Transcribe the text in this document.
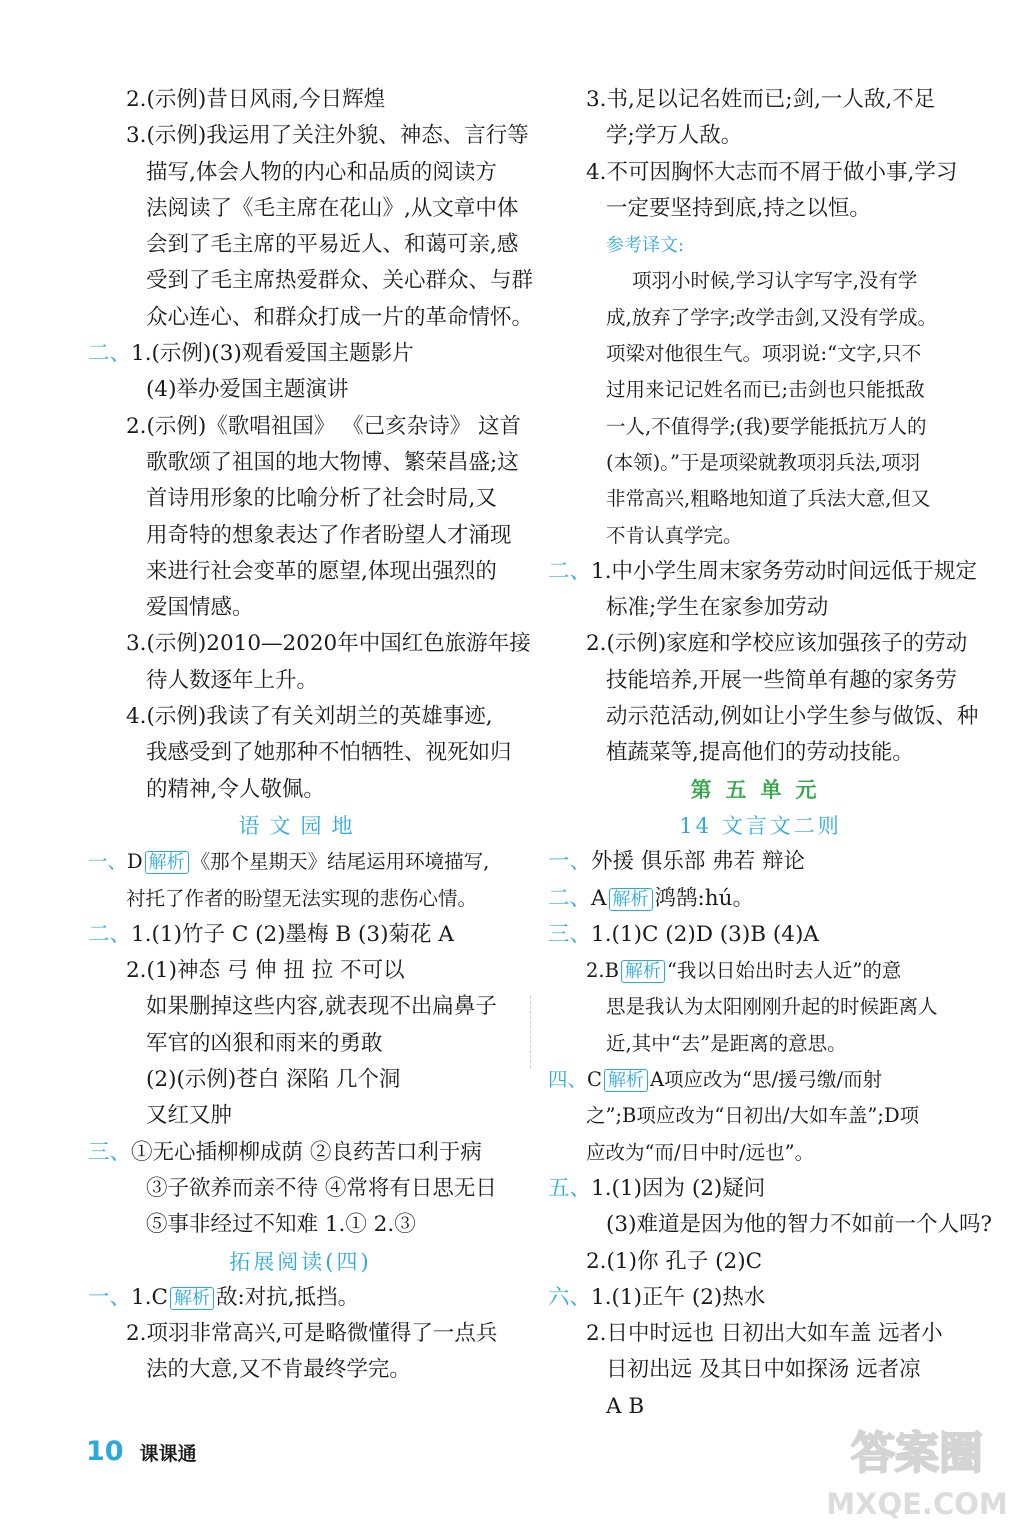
2.(示例)昔日风雨,今日辉煌
3.(示例)我运用了关注外貌、神态、言行等
描写,体会人物的内心和品质的阅读方
法阅读了《毛主席在花山》,从文章中体
会到了毛主席的平易近人、和蔼可亲,感
受到了毛主席热爱群众、关心群众、与群
众心连心、和群众打成一片的革命情怀。
二、1.(示例)(3)观看爱国主题影片
(4)举办爱国主题演讲
2.(示例)《歌唱祖国》 《己亥杂诗》 这首
歌歌颂了祖国的地大物博、繁荣昌盛;这
首诗用形象的比喻分析了社会时局,又
用奇特的想象表达了作者盼望人才涌现
来进行社会变革的愿望,体现出强烈的
爱国情感。
3.(示例)2010—2020年中国红色旅游年接
待人数逐年上升。
4.(示例)我读了有关刘胡兰的英雄事迹,
我感受到了她那种不怕牺牲、视死如归
的精神,令人敬佩。
语文园地
一、D 解析 《那个星期天》结尾运用环境描写,
衬托了作者的盼望无法实现的悲伤心情。
二、1.(1)竹子 C (2)墨梅 B (3)菊花 A
2.(1)神态 弓 伸 扭 拉 不可以
如果删掉这些内容,就表现不出扁鼻子
军官的凶狠和雨来的勇敢
(2)(示例)苍白 深陷 几个洞
又红又肿
三、①无心插柳柳成荫 ②良药苦口利于病
③子欲养而亲不待 ④常将有日思无日
⑤事非经过不知难 1.① 2.③
拓展阅读(四)
一、1.C 解析 敌:对抗,抵挡。
2.项羽非常高兴,可是略微懂得了一点兵
法的大意,又不肯最终学完。
3.书,足以记名姓而已;剑,一人敌,不足
学;学万人敌。
4.不可因胸怀大志而不屑于做小事,学习
一定要坚持到底,持之以恒。
参考译文:
项羽小时候,学习认字写字,没有学
成,放弃了学字;改学击剑,又没有学成。
项梁对他很生气。项羽说:“文字,只不
过用来记记姓名而已;击剑也只能抵敌
一人,不值得学;(我)要学能抵抗万人的
(本领)。”于是项梁就教项羽兵法,项羽
非常高兴,粗略地知道了兵法大意,但又
不肯认真学完。
二、1.中小学生周末家务劳动时间远低于规定
标准;学生在家参加劳动
2.(示例)家庭和学校应该加强孩子的劳动
技能培养,开展一些简单有趣的家务劳
动示范活动,例如让小学生参与做饭、种
植蔬菜等,提高他们的劳动技能。
第五单元
14 文言文二则
一、外援 俱乐部 弗若 辩论
二、A 解析 鸿鹄:hú。
三、1.(1)C (2)D (3)B (4)A
2.B 解析 “我以日始出时去人近”的意
思是我认为太阳刚刚升起的时候距离人
近,其中“去”是距离的意思。
四、C 解析 A项应改为“思/援弓缴/而射
之”;B项应改为“日初出/大如车盖”;D项
应改为“而/日中时/远也”。
五、1.(1)因为 (2)疑问
(3)难道是因为他的智力不如前一个人吗?
2.(1)你 孔子 (2)C
六、1.(1)正午 (2)热水
2.日中时远也 日初出大如车盖 远者小
日初出远 及其日中如探汤 远者凉
A B
10 课课通	答案圈
MXQE.COM
